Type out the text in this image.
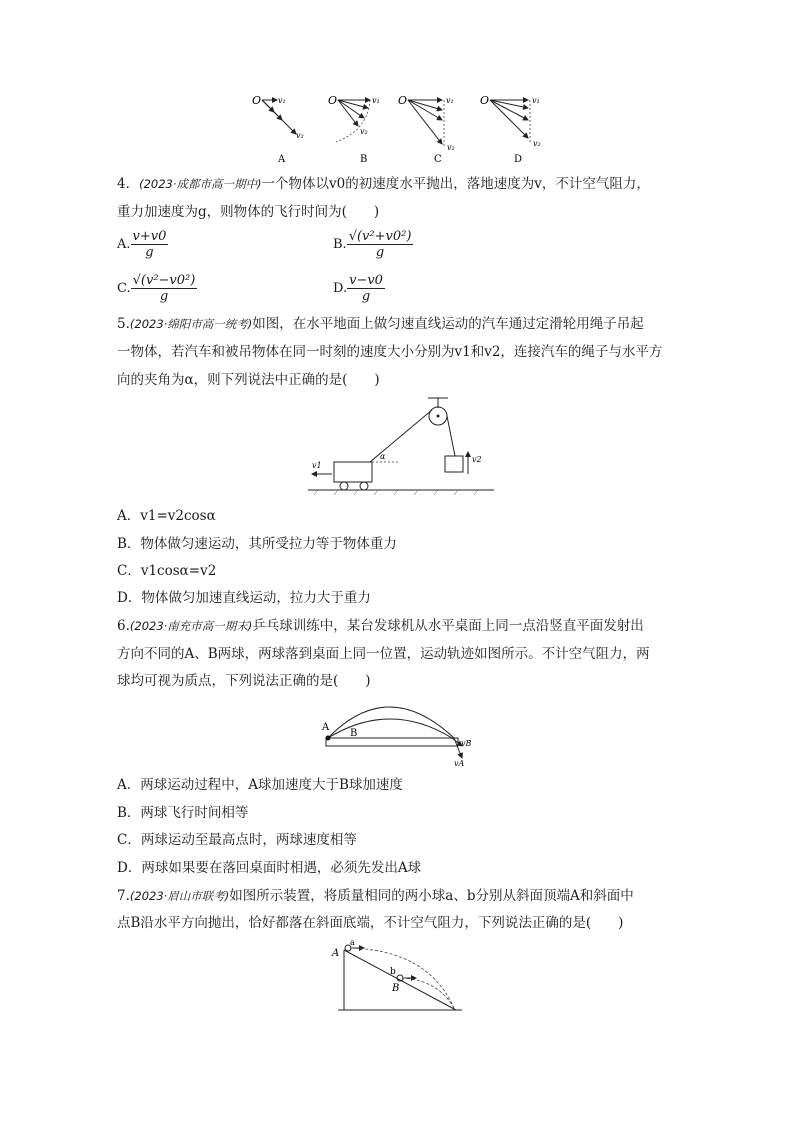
O v₁
v₂
A
O	v₁
v₂
B
O	v₁
v₂
C
O	v₁
v₂
D
4．(2023·成都市高一期中)一个物体以v0的初速度水平抛出，落地速度为v，不计空气阻力，
重力加速度为g，则物体的飞行时间为(　　)
A. $\frac{v+v0}{g}$	B. $\frac{\text{√(v²+v0²)}}{g}$
C. $\frac{\text{√(v²−v0²)}}{g}$	D. $\frac{v-v0}{g}$
5.(2023·绵阳市高一统考)如图，在水平地面上做匀速直线运动的汽车通过定滑轮用绳子吊起
一物体，若汽车和被吊物体在同一时刻的速度大小分别为v1和v2，连接汽车的绳子与水平方
向的夹角为α，则下列说法中正确的是(　　)
v2
α
v1
A．v1=v2cosα
B．物体做匀速运动，其所受拉力等于物体重力
C．v1cosα=v2
D．物体做匀加速直线运动，拉力大于重力
6.(2023·南充市高一期末)乒乓球训练中，某台发球机从水平桌面上同一点沿竖直平面发射出
方向不同的A、B两球，两球落到桌面上同一位置，运动轨迹如图所示。不计空气阻力，两
球均可视为质点，下列说法正确的是(　　)
A
B
vB
vA
A．两球运动过程中，A球加速度大于B球加速度
B．两球飞行时间相等
C．两球运动至最高点时，两球速度相等
D．两球如果要在落回桌面时相遇，必须先发出A球
7.(2023·眉山市联考)如图所示装置，将质量相同的两小球a、b分别从斜面顶端A和斜面中
点B沿水平方向抛出，恰好都落在斜面底端，不计空气阻力，下列说法正确的是(　　)
A
a
b
B
